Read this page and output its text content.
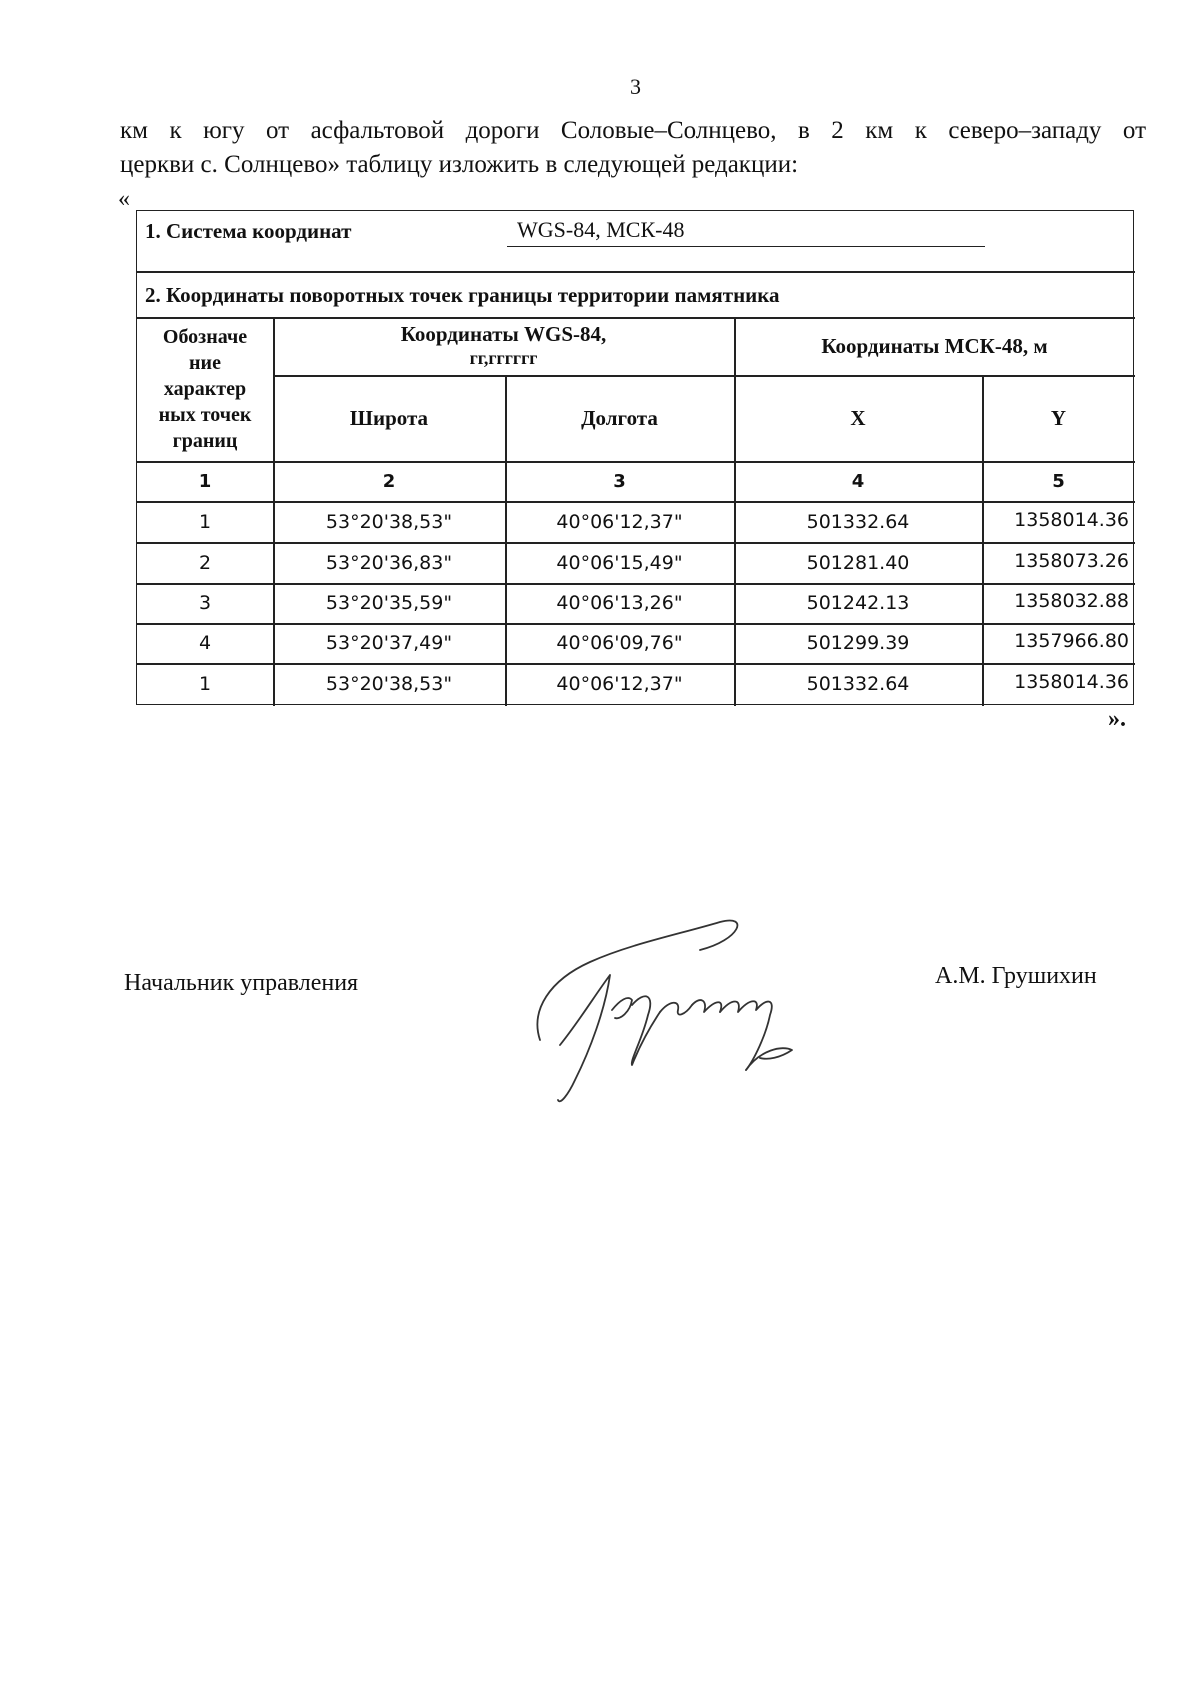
3
км к югу от асфальтовой дороги Соловые–Солнцево, в 2 км к северо–западу от
церкви с. Солнцево» таблицу изложить в следующей редакции:
«
1. Система координат	WGS-84, МСК-48
2. Координаты поворотных точек границы территории памятника
Обозначе
ние
характер
ных точек
границ
Координаты WGS-84,
гг,гггггг
Координаты МСК-48, м
Широта	Долгота	X	Y
1	2	3	4	5
1	53°20'38,53"	40°06'12,37"	501332.64	1358014.36
2	53°20'36,83"	40°06'15,49"	501281.40	1358073.26
3	53°20'35,59"	40°06'13,26"	501242.13	1358032.88
4	53°20'37,49"	40°06'09,76"	501299.39	1357966.80
1	53°20'38,53"	40°06'12,37"	501332.64	1358014.36
».
Начальник управления	А.М. Грушихин
